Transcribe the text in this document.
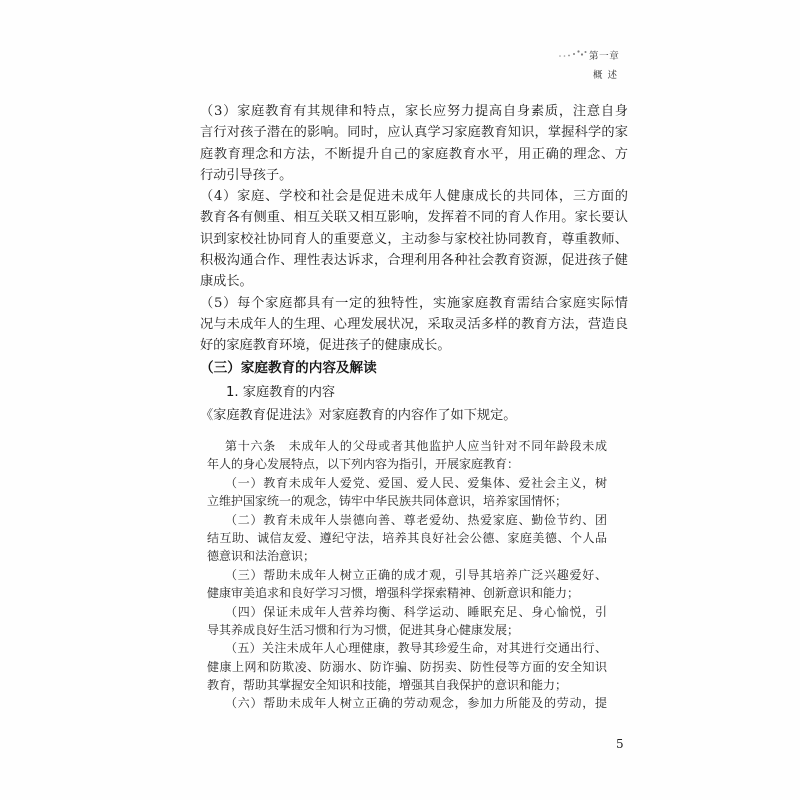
第一章
概 述
（3）家庭教育有其规律和特点，家长应努力提高自身素质，注意自身
言行对孩子潜在的影响。同时，应认真学习家庭教育知识，掌握科学的家
庭教育理念和方法，不断提升自己的家庭教育水平，用正确的理念、方
行动引导孩子。
（4）家庭、学校和社会是促进未成年人健康成长的共同体，三方面的
教育各有侧重、相互关联又相互影响，发挥着不同的育人作用。家长要认
识到家校社协同育人的重要意义，主动参与家校社协同教育，尊重教师、
积极沟通合作、理性表达诉求，合理利用各种社会教育资源，促进孩子健
康成长。
（5）每个家庭都具有一定的独特性，实施家庭教育需结合家庭实际情
况与未成年人的生理、心理发展状况，采取灵活多样的教育方法，营造良
好的家庭教育环境，促进孩子的健康成长。
（三）家庭教育的内容及解读
1. 家庭教育的内容
《家庭教育促进法》对家庭教育的内容作了如下规定。
第十六条　未成年人的父母或者其他监护人应当针对不同年龄段未成
年人的身心发展特点，以下列内容为指引，开展家庭教育：
（一）教育未成年人爱党、爱国、爱人民、爱集体、爱社会主义，树
立维护国家统一的观念，铸牢中华民族共同体意识，培养家国情怀；
（二）教育未成年人崇德向善、尊老爱幼、热爱家庭、勤俭节约、团
结互助、诚信友爱、遵纪守法，培养其良好社会公德、家庭美德、个人品
德意识和法治意识；
（三）帮助未成年人树立正确的成才观，引导其培养广泛兴趣爱好、
健康审美追求和良好学习习惯，增强科学探索精神、创新意识和能力；
（四）保证未成年人营养均衡、科学运动、睡眠充足、身心愉悦，引
导其养成良好生活习惯和行为习惯，促进其身心健康发展；
（五）关注未成年人心理健康，教导其珍爱生命，对其进行交通出行、
健康上网和防欺凌、防溺水、防诈骗、防拐卖、防性侵等方面的安全知识
教育，帮助其掌握安全知识和技能，增强其自我保护的意识和能力；
（六）帮助未成年人树立正确的劳动观念，参加力所能及的劳动，提
5
